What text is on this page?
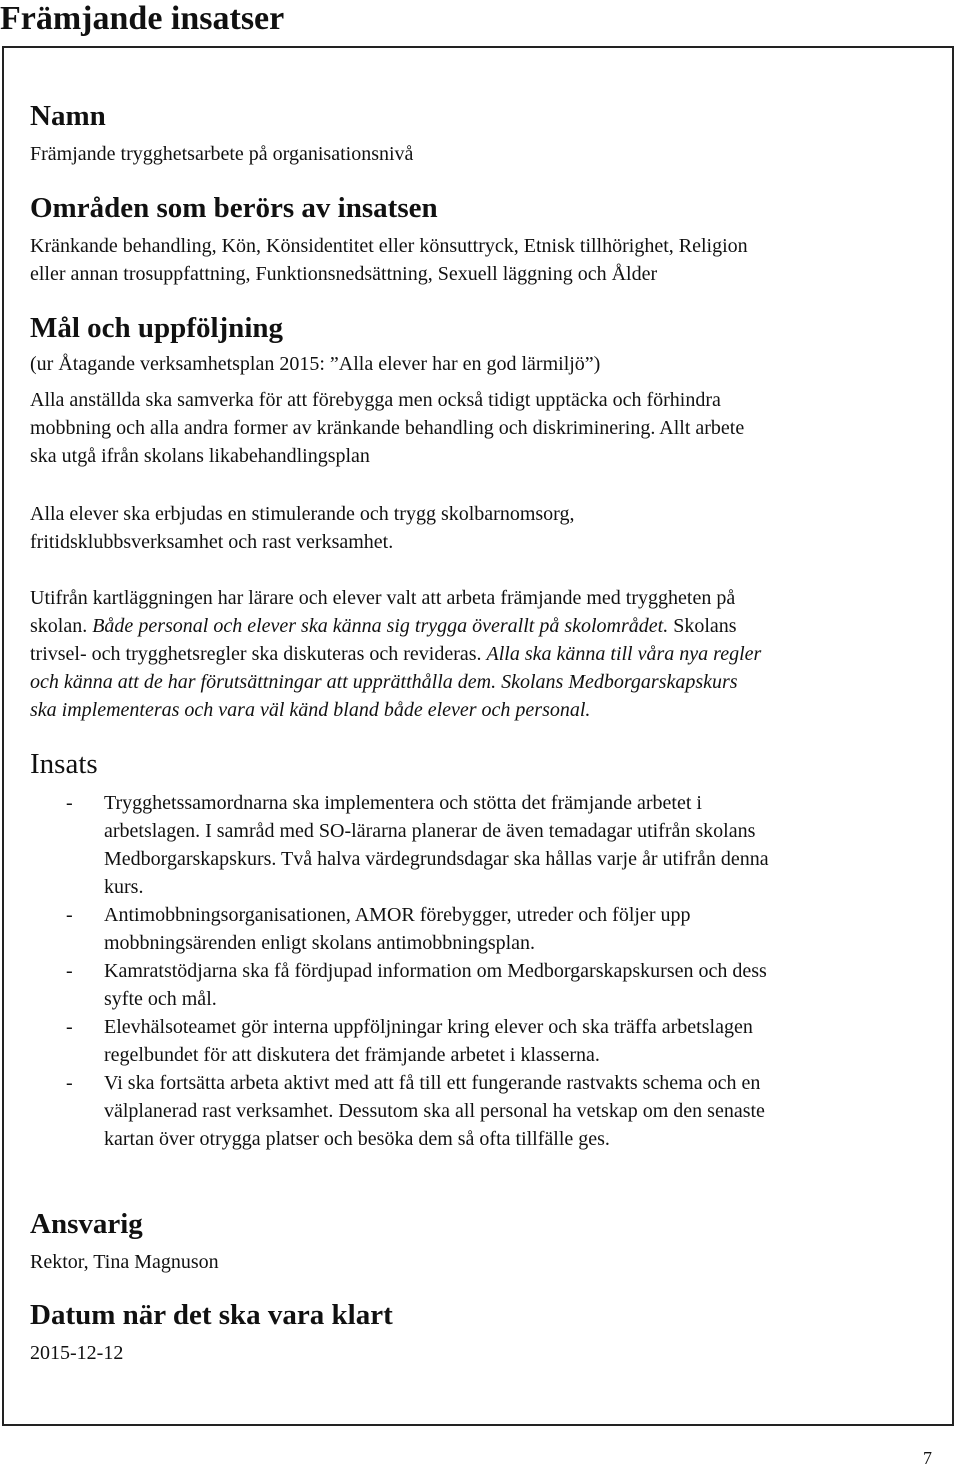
Främjande insatser
Namn

Främjande trygghetsarbete på organisationsnivå

Områden som berörs av insatsen

Kränkande behandling, Kön, Könsidentitet eller könsuttryck, Etnisk tillhörighet, Religion

eller annan trosuppfattning, Funktionsnedsättning, Sexuell läggning och Ålder

Mål och uppföljning

(ur Åtagande verksamhetsplan 2015: ”Alla elever har en god lärmiljö”)

Alla anställda ska samverka för att förebygga men också tidigt upptäcka och förhindra

mobbning och alla andra former av kränkande behandling och diskriminering. Allt arbete

ska utgå ifrån skolans likabehandlingsplan

Alla elever ska erbjudas en stimulerande och trygg skolbarnomsorg,

fritidsklubbsverksamhet och rast verksamhet.

Utifrån kartläggningen har lärare och elever valt att arbeta främjande med tryggheten på

skolan. Både personal och elever ska känna sig trygga överallt på skolområdet. Skolans

trivsel- och trygghetsregler ska diskuteras och revideras. Alla ska känna till våra nya regler

och känna att de har förutsättningar att upprätthålla dem. Skolans Medborgarskapskurs

ska implementeras och vara väl känd bland både elever och personal.

Insats
- Trygghetssamordnarna ska implementera och stötta det främjande arbetet i
arbetslagen. I samråd med SO-lärarna planerar de även temadagar utifrån skolans
Medborgarskapskurs. Två halva värdegrundsdagar ska hållas varje år utifrån denna
kurs.
- Antimobbningsorganisationen, AMOR förebygger, utreder och följer upp
mobbningsärenden enligt skolans antimobbningsplan.
- Kamratstödjarna ska få fördjupad information om Medborgarskapskursen och dess
syfte och mål.
- Elevhälsoteamet gör interna uppföljningar kring elever och ska träffa arbetslagen
regelbundet för att diskutera det främjande arbetet i klasserna.
- Vi ska fortsätta arbeta aktivt med att få till ett fungerande rastvakts schema och en
välplanerad rast verksamhet. Dessutom ska all personal ha vetskap om den senaste
kartan över otrygga platser och besöka dem så ofta tillfälle ges.
Ansvarig

Rektor, Tina Magnuson

Datum när det ska vara klart

2015-12-12

7
